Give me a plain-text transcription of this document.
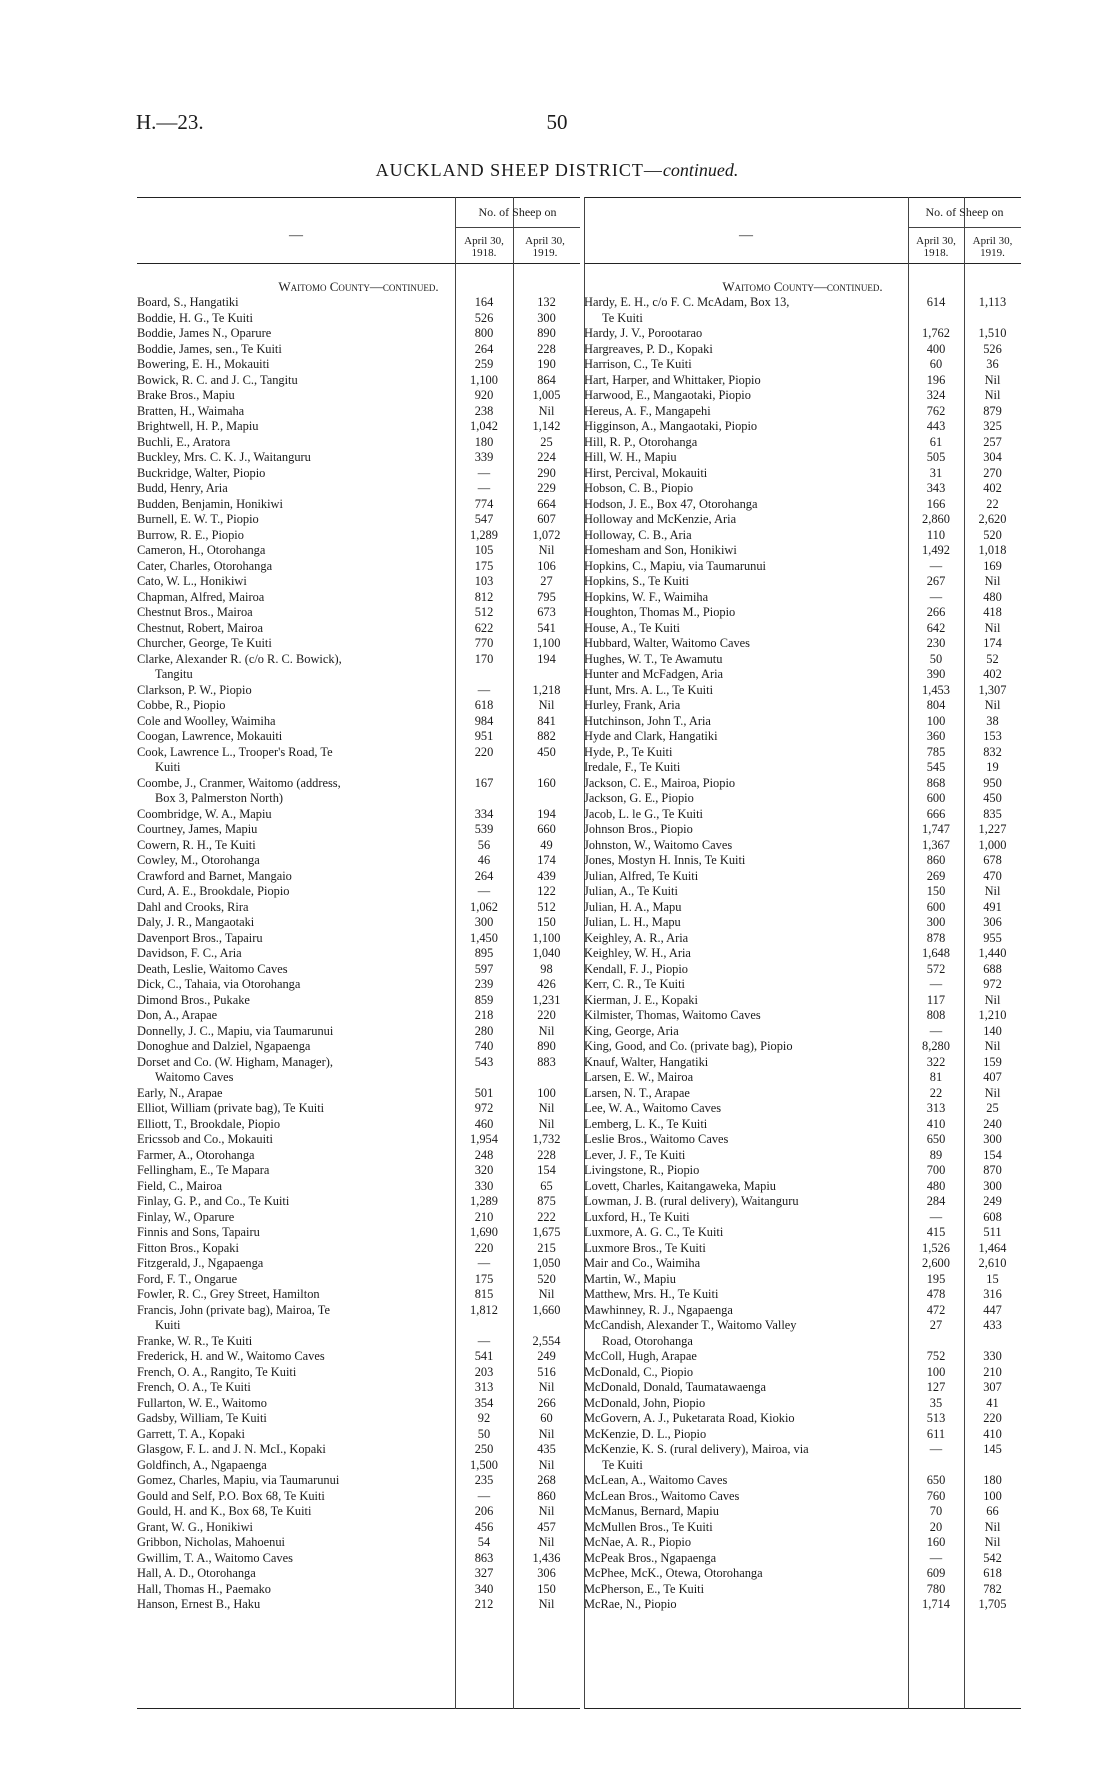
H.—23.	50
AUCKLAND SHEEP DISTRICT—continued.
—
No. of Sheep on
April 30, 1918.
April 30, 1919.
Waitomo County—continued.
Board, S., Hangatiki	164	132
Boddie, H. G., Te Kuiti	526	300
Boddie, James N., Oparure	800	890
Boddie, James, sen., Te Kuiti	264	228
Bowering, E. H., Mokauiti	259	190
Bowick, R. C. and J. C., Tangitu	1,100	864
Brake Bros., Mapiu	920	1,005
Bratten, H., Waimaha	238	Nil
Brightwell, H. P., Mapiu	1,042	1,142
Buchli, E., Aratora	180	25
Buckley, Mrs. C. K. J., Waitanguru	339	224
Buckridge, Walter, Piopio	—	290
Budd, Henry, Aria	—	229
Budden, Benjamin, Honikiwi	774	664
Burnell, E. W. T., Piopio	547	607
Burrow, R. E., Piopio	1,289	1,072
Cameron, H., Otorohanga	105	Nil
Cater, Charles, Otorohanga	175	106
Cato, W. L., Honikiwi	103	27
Chapman, Alfred, Mairoa	812	795
Chestnut Bros., Mairoa	512	673
Chestnut, Robert, Mairoa	622	541
Churcher, George, Te Kuiti	770	1,100
Clarke, Alexander R. (c/o R. C. Bowick),	170	194
Tangitu
Clarkson, P. W., Piopio	—	1,218
Cobbe, R., Piopio	618	Nil
Cole and Woolley, Waimiha	984	841
Coogan, Lawrence, Mokauiti	951	882
Cook, Lawrence L., Trooper's Road, Te	220	450
Kuiti
Coombe, J., Cranmer, Waitomo (address,	167	160
Box 3, Palmerston North)
Coombridge, W. A., Mapiu	334	194
Courtney, James, Mapiu	539	660
Cowern, R. H., Te Kuiti	56	49
Cowley, M., Otorohanga	46	174
Crawford and Barnet, Mangaio	264	439
Curd, A. E., Brookdale, Piopio	—	122
Dahl and Crooks, Rira	1,062	512
Daly, J. R., Mangaotaki	300	150
Davenport Bros., Tapairu	1,450	1,100
Davidson, F. C., Aria	895	1,040
Death, Leslie, Waitomo Caves	597	98
Dick, C., Tahaia, via Otorohanga	239	426
Dimond Bros., Pukake	859	1,231
Don, A., Arapae	218	220
Donnelly, J. C., Mapiu, via Taumarunui	280	Nil
Donoghue and Dalziel, Ngapaenga	740	890
Dorset and Co. (W. Higham, Manager),	543	883
Waitomo Caves
Early, N., Arapae	501	100
Elliot, William (private bag), Te Kuiti	972	Nil
Elliott, T., Brookdale, Piopio	460	Nil
Ericssob and Co., Mokauiti	1,954	1,732
Farmer, A., Otorohanga	248	228
Fellingham, E., Te Mapara	320	154
Field, C., Mairoa	330	65
Finlay, G. P., and Co., Te Kuiti	1,289	875
Finlay, W., Oparure	210	222
Finnis and Sons, Tapairu	1,690	1,675
Fitton Bros., Kopaki	220	215
Fitzgerald, J., Ngapaenga	—	1,050
Ford, F. T., Ongarue	175	520
Fowler, R. C., Grey Street, Hamilton	815	Nil
Francis, John (private bag), Mairoa, Te	1,812	1,660
Kuiti
Franke, W. R., Te Kuiti	—	2,554
Frederick, H. and W., Waitomo Caves	541	249
French, O. A., Rangito, Te Kuiti	203	516
French, O. A., Te Kuiti	313	Nil
Fullarton, W. E., Waitomo	354	266
Gadsby, William, Te Kuiti	92	60
Garrett, T. A., Kopaki	50	Nil
Glasgow, F. L. and J. N. McI., Kopaki	250	435
Goldfinch, A., Ngapaenga	1,500	Nil
Gomez, Charles, Mapiu, via Taumarunui	235	268
Gould and Self, P.O. Box 68, Te Kuiti	—	860
Gould, H. and K., Box 68, Te Kuiti	206	Nil
Grant, W. G., Honikiwi	456	457
Gribbon, Nicholas, Mahoenui	54	Nil
Gwillim, T. A., Waitomo Caves	863	1,436
Hall, A. D., Otorohanga	327	306
Hall, Thomas H., Paemako	340	150
Hanson, Ernest B., Haku	212	Nil
—
No. of Sheep on
April 30, 1918.
April 30, 1919.
Waitomo County—continued.
Hardy, E. H., c/o F. C. McAdam, Box 13,	614	1,113
Te Kuiti
Hardy, J. V., Porootarao	1,762	1,510
Hargreaves, P. D., Kopaki	400	526
Harrison, C., Te Kuiti	60	36
Hart, Harper, and Whittaker, Piopio	196	Nil
Harwood, E., Mangaotaki, Piopio	324	Nil
Hereus, A. F., Mangapehi	762	879
Higginson, A., Mangaotaki, Piopio	443	325
Hill, R. P., Otorohanga	61	257
Hill, W. H., Mapiu	505	304
Hirst, Percival, Mokauiti	31	270
Hobson, C. B., Piopio	343	402
Hodson, J. E., Box 47, Otorohanga	166	22
Holloway and McKenzie, Aria	2,860	2,620
Holloway, C. B., Aria	110	520
Homesham and Son, Honikiwi	1,492	1,018
Hopkins, C., Mapiu, via Taumarunui	—	169
Hopkins, S., Te Kuiti	267	Nil
Hopkins, W. F., Waimiha	—	480
Houghton, Thomas M., Piopio	266	418
House, A., Te Kuiti	642	Nil
Hubbard, Walter, Waitomo Caves	230	174
Hughes, W. T., Te Awamutu	50	52
Hunter and McFadgen, Aria	390	402
Hunt, Mrs. A. L., Te Kuiti	1,453	1,307
Hurley, Frank, Aria	804	Nil
Hutchinson, John T., Aria	100	38
Hyde and Clark, Hangatiki	360	153
Hyde, P., Te Kuiti	785	832
Iredale, F., Te Kuiti	545	19
Jackson, C. E., Mairoa, Piopio	868	950
Jackson, G. E., Piopio	600	450
Jacob, L. le G., Te Kuiti	666	835
Johnson Bros., Piopio	1,747	1,227
Johnston, W., Waitomo Caves	1,367	1,000
Jones, Mostyn H. Innis, Te Kuiti	860	678
Julian, Alfred, Te Kuiti	269	470
Julian, A., Te Kuiti	150	Nil
Julian, H. A., Mapu	600	491
Julian, L. H., Mapu	300	306
Keighley, A. R., Aria	878	955
Keighley, W. H., Aria	1,648	1,440
Kendall, F. J., Piopio	572	688
Kerr, C. R., Te Kuiti	—	972
Kierman, J. E., Kopaki	117	Nil
Kilmister, Thomas, Waitomo Caves	808	1,210
King, George, Aria	—	140
King, Good, and Co. (private bag), Piopio	8,280	Nil
Knauf, Walter, Hangatiki	322	159
Larsen, E. W., Mairoa	81	407
Larsen, N. T., Arapae	22	Nil
Lee, W. A., Waitomo Caves	313	25
Lemberg, L. K., Te Kuiti	410	240
Leslie Bros., Waitomo Caves	650	300
Lever, J. F., Te Kuiti	89	154
Livingstone, R., Piopio	700	870
Lovett, Charles, Kaitangaweka, Mapiu	480	300
Lowman, J. B. (rural delivery), Waitanguru	284	249
Luxford, H., Te Kuiti	—	608
Luxmore, A. G. C., Te Kuiti	415	511
Luxmore Bros., Te Kuiti	1,526	1,464
Mair and Co., Waimiha	2,600	2,610
Martin, W., Mapiu	195	15
Matthew, Mrs. H., Te Kuiti	478	316
Mawhinney, R. J., Ngapaenga	472	447
McCandish, Alexander T., Waitomo Valley	27	433
Road, Otorohanga
McColl, Hugh, Arapae	752	330
McDonald, C., Piopio	100	210
McDonald, Donald, Taumatawaenga	127	307
McDonald, John, Piopio	35	41
McGovern, A. J., Puketarata Road, Kiokio	513	220
McKenzie, D. L., Piopio	611	410
McKenzie, K. S. (rural delivery), Mairoa, via	—	145
Te Kuiti
McLean, A., Waitomo Caves	650	180
McLean Bros., Waitomo Caves	760	100
McManus, Bernard, Mapiu	70	66
McMullen Bros., Te Kuiti	20	Nil
McNae, A. R., Piopio	160	Nil
McPeak Bros., Ngapaenga	—	542
McPhee, McK., Otewa, Otorohanga	609	618
McPherson, E., Te Kuiti	780	782
McRae, N., Piopio	1,714	1,705
